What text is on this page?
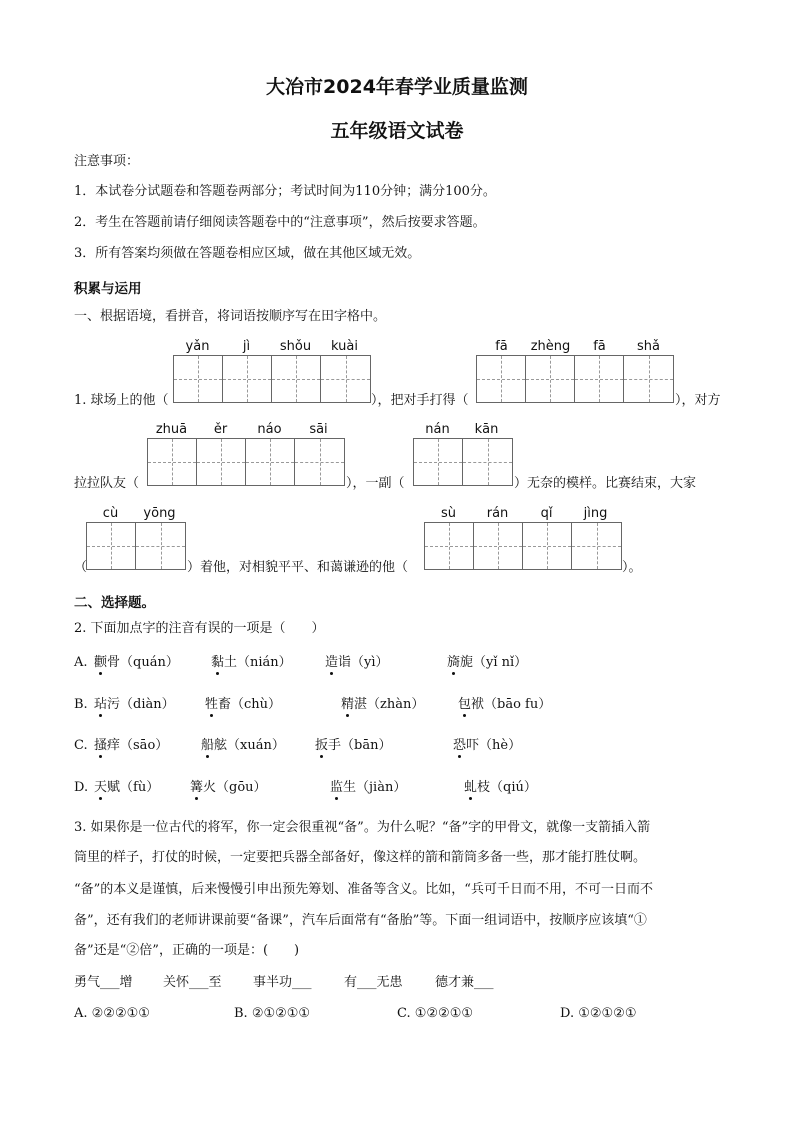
大冶市2024年春学业质量监测
五年级语文试卷
注意事项：
1．本试卷分试题卷和答题卷两部分；考试时间为110分钟；满分100分。
2．考生在答题前请仔细阅读答题卷中的“注意事项”，然后按要求答题。
3．所有答案均须做在答题卷相应区域，做在其他区域无效。
积累与运用
一、根据语境，看拼音，将词语按顺序写在田字格中。
yǎn	jì	shǒu	kuài	fā	zhèng	fā	shǎ
1. 球场上的他（	），把对手打得（	），对方
zhuā	ěr	náo	sāi	nán	kān
拉拉队友（	），一副（	）无奈的模样。比赛结束，大家
cù	yōng	sù	rán	qǐ	jìng
（	）着他，对相貌平平、和蔼谦逊的他（	）。
二、选择题。
2. 下面加点字的注音有误的一项是（　　）
A. 颧骨（quán） 黏土（nián）	造诣（yì）	旖旎（yǐ nǐ）
B. 玷污（diàn） 牲畜（chù）	精湛（zhàn）	包袱（bāo fu）
C. 搔痒（sāo）	船舷（xuán） 扳手（bān）	恐吓（hè）
D. 天赋（fù） 篝火（gōu）	监生（jiàn）	虬枝（qiú）
3. 如果你是一位古代的将军，你一定会很重视“备”。为什么呢？“备”字的甲骨文，就像一支箭插入箭
筒里的样子，打仗的时候，一定要把兵器全部备好，像这样的箭和箭筒多备一些，那才能打胜仗啊。
“备”的本义是谨慎，后来慢慢引申出预先筹划、准备等含义。比如，“兵可千日而不用，不可一日而不
备”，还有我们的老师讲课前要“备课”，汽车后面常有“备胎”等。下面一组词语中，按顺序应该填“①
备”还是“②倍”，正确的一项是：(　　)
勇气___增 关怀___至 事半功___ 有___无患 德才兼___
A. ②②②①①	B. ②①②①①	C. ①②②①①	D. ①②①②①
